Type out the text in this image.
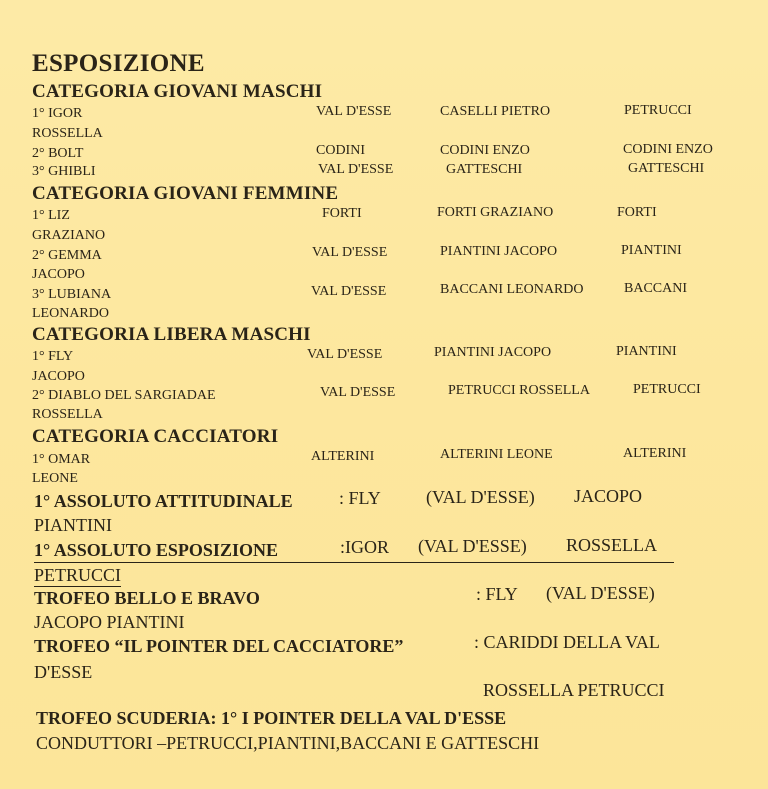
ESPOSIZIONE
CATEGORIA GIOVANI MASCHI
1° IGOR	VAL D'ESSE	CASELLI PIETRO	PETRUCCI
ROSSELLA
2° BOLT	CODINI	CODINI ENZO	CODINI ENZO
3° GHIBLI	VAL D'ESSE	GATTESCHI	GATTESCHI
CATEGORIA GIOVANI FEMMINE
1° LIZ	FORTI	FORTI GRAZIANO	FORTI
GRAZIANO
2° GEMMA	VAL D'ESSE	PIANTINI JACOPO	PIANTINI
JACOPO
3° LUBIANA	VAL D'ESSE	BACCANI LEONARDO	BACCANI
LEONARDO
CATEGORIA LIBERA MASCHI
1° FLY	VAL D'ESSE	PIANTINI JACOPO	PIANTINI
JACOPO
2° DIABLO DEL SARGIADAE	VAL D'ESSE	PETRUCCI ROSSELLA	PETRUCCI
ROSSELLA
CATEGORIA CACCIATORI
1° OMAR	ALTERINI	ALTERINI LEONE	ALTERINI
LEONE
1° ASSOLUTO ATTITUDINALE	: FLY	(VAL D'ESSE) JACOPO
PIANTINI
1° ASSOLUTO ESPOSIZIONE	:IGOR (VAL D'ESSE) ROSSELLA
PETRUCCI
TROFEO BELLO E BRAVO	: FLY (VAL D'ESSE)
JACOPO PIANTINI
TROFEO “IL POINTER DEL CACCIATORE”	: CARIDDI DELLA VAL
D'ESSE
ROSSELLA PETRUCCI
TROFEO SCUDERIA: 1° I POINTER DELLA VAL D'ESSE
CONDUTTORI –PETRUCCI,PIANTINI,BACCANI E GATTESCHI
